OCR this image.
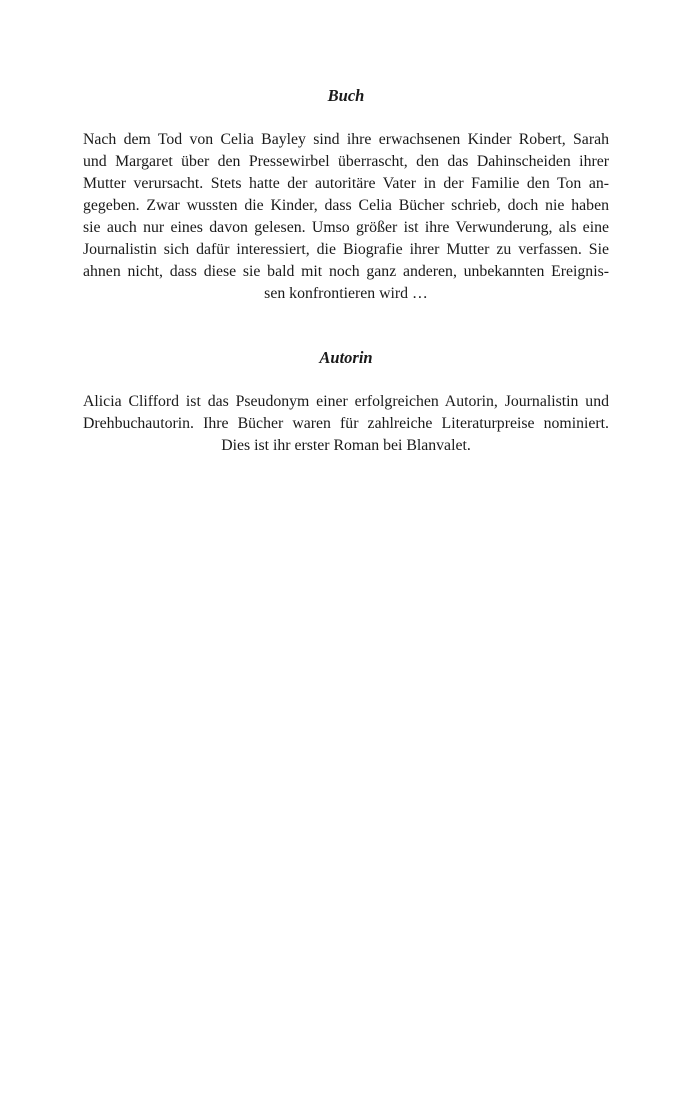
Buch
Nach dem Tod von Celia Bayley sind ihre erwachsenen Kinder Robert, Sarah
und Margaret über den Pressewirbel überrascht, den das Dahinscheiden ihrer
Mutter verursacht. Stets hatte der autoritäre Vater in der Familie den Ton an-
gegeben. Zwar wussten die Kinder, dass Celia Bücher schrieb, doch nie haben
sie auch nur eines davon gelesen. Umso größer ist ihre Verwunderung, als eine
Journalistin sich dafür interessiert, die Biografie ihrer Mutter zu verfassen. Sie
ahnen nicht, dass diese sie bald mit noch ganz anderen, unbekannten Ereignis-
sen konfrontieren wird …
Autorin
Alicia Clifford ist das Pseudonym einer erfolgreichen Autorin, Journalistin und
Drehbuchautorin. Ihre Bücher waren für zahlreiche Literaturpreise nominiert.
Dies ist ihr erster Roman bei Blanvalet.
